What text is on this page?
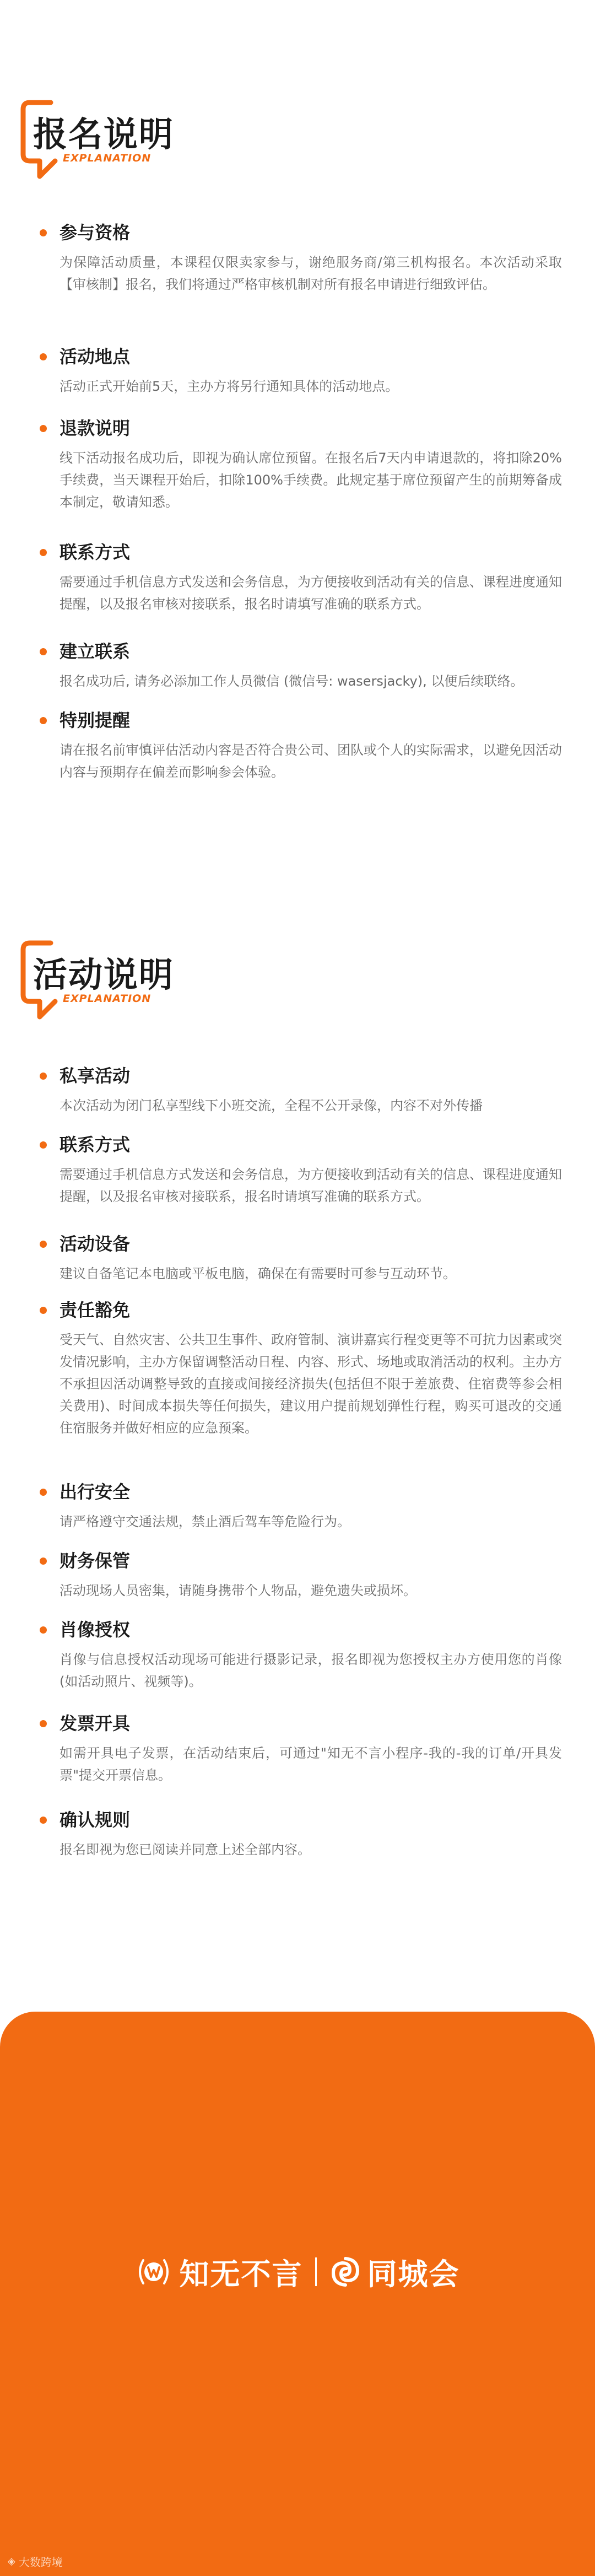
报名说明
EXPLANATION
参与资格
为保障活动质量，本课程仅限卖家参与，谢绝服务商/第三机构报名。本次活动采取【审核制】报名，我们将通过严格审核机制对所有报名申请进行细致评估。
活动地点
活动正式开始前5天，主办方将另行通知具体的活动地点。
退款说明
线下活动报名成功后，即视为确认席位预留。在报名后7天内申请退款的，将扣除20%手续费，当天课程开始后，扣除100%手续费。此规定基于席位预留产生的前期筹备成本制定，敬请知悉。
联系方式
需要通过手机信息方式发送和会务信息，为方便接收到活动有关的信息、课程进度通知提醒，以及报名审核对接联系，报名时请填写准确的联系方式。
建立联系
报名成功后, 请务必添加工作人员微信 (微信号: wasersjacky), 以便后续联络。
特别提醒
请在报名前审慎评估活动内容是否符合贵公司、团队或个人的实际需求，以避免因活动内容与预期存在偏差而影响参会体验。
活动说明
EXPLANATION
私享活动
本次活动为闭门私享型线下小班交流，全程不公开录像，内容不对外传播
联系方式
需要通过手机信息方式发送和会务信息，为方便接收到活动有关的信息、课程进度通知提醒，以及报名审核对接联系，报名时请填写准确的联系方式。
活动设备
建议自备笔记本电脑或平板电脑，确保在有需要时可参与互动环节。
责任豁免
受天气、自然灾害、公共卫生事件、政府管制、演讲嘉宾行程变更等不可抗力因素或突发情况影响，主办方保留调整活动日程、内容、形式、场地或取消活动的权利。主办方不承担因活动调整导致的直接或间接经济损失(包括但不限于差旅费、住宿费等参会相关费用)、时间成本损失等任何损失，建议用户提前规划弹性行程，购买可退改的交通住宿服务并做好相应的应急预案。
出行安全
请严格遵守交通法规，禁止酒后驾车等危险行为。
财务保管
活动现场人员密集，请随身携带个人物品，避免遗失或损坏。
肖像授权
肖像与信息授权活动现场可能进行摄影记录，报名即视为您授权主办方使用您的肖像(如活动照片、视频等)。
发票开具
如需开具电子发票，在活动结束后，可通过"知无不言小程序-我的-我的订单/开具发票"提交开票信息。
确认规则
报名即视为您已阅读并同意上述全部内容。
知无不言 同城会
◈ 大数跨境
